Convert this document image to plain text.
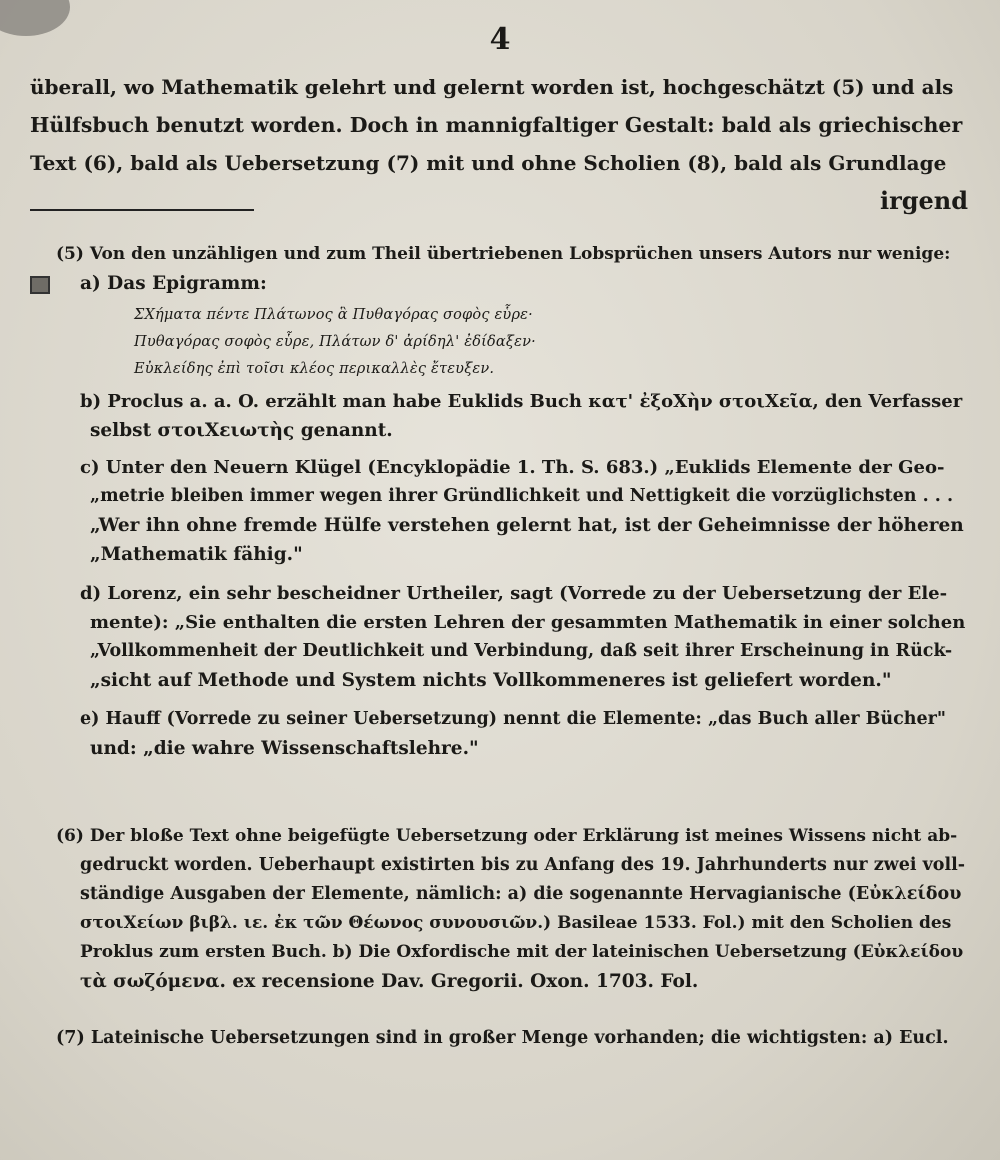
4
überall, wo Mathematik gelehrt und gelernt worden ist, hochgeschätzt (5) und als
Hülfsbuch benutzt worden. Doch in mannigfaltiger Gestalt: bald als griechischer
Text (6), bald als Uebersetzung (7) mit und ohne Scholien (8), bald als Grundlage
irgend
(5) Von den unzähligen und zum Theil übertriebenen Lobsprüchen unsers Autors nur wenige:
a) Das Epigramm:
ΣΧήματα πέντε Πλάτωνος ἃ Πυθαγόρας σοφὸς εὗρε·
Πυθαγόρας σοφὸς εὗρε, Πλάτων δ' ἀρίδηλ' ἐδίδαξεν·
Εὐκλείδης ἐπὶ τοῖσι κλέος περικαλλὲς ἔτευξεν.
b) Proclus a. a. O. erzählt man habe Euklids Buch κατ' ἐξοΧὴν στοιΧεῖα, den Verfasser
selbst στοιΧειωτὴς genannt.
c) Unter den Neuern Klügel (Encyklopädie 1. Th. S. 683.) „Euklids Elemente der Geo-
„metrie bleiben immer wegen ihrer Gründlichkeit und Nettigkeit die vorzüglichsten . . .
„Wer ihn ohne fremde Hülfe verstehen gelernt hat, ist der Geheimnisse der höheren
„Mathematik fähig."
d) Lorenz, ein sehr bescheidner Urtheiler, sagt (Vorrede zu der Uebersetzung der Ele-
mente): „Sie enthalten die ersten Lehren der gesammten Mathematik in einer solchen
„Vollkommenheit der Deutlichkeit und Verbindung, daß seit ihrer Erscheinung in Rück-
„sicht auf Methode und System nichts Vollkommeneres ist geliefert worden."
e) Hauff (Vorrede zu seiner Uebersetzung) nennt die Elemente: „das Buch aller Bücher"
und: „die wahre Wissenschaftslehre."
(6) Der bloße Text ohne beigefügte Uebersetzung oder Erklärung ist meines Wissens nicht ab-
gedruckt worden. Ueberhaupt existirten bis zu Anfang des 19. Jahrhunderts nur zwei voll-
ständige Ausgaben der Elemente, nämlich: a) die sogenannte Hervagianische (Εὐκλείδου
στοιΧείων βιβλ. ιε. ἐκ τῶν Θέωνος συνουσιῶν.) Basileae 1533. Fol.) mit den Scholien des
Proklus zum ersten Buch. b) Die Oxfordische mit der lateinischen Uebersetzung (Εὐκλείδου
τὰ σωζόμενα. ex recensione Dav. Gregorii. Oxon. 1703. Fol.
(7) Lateinische Uebersetzungen sind in großer Menge vorhanden; die wichtigsten: a) Eucl.
